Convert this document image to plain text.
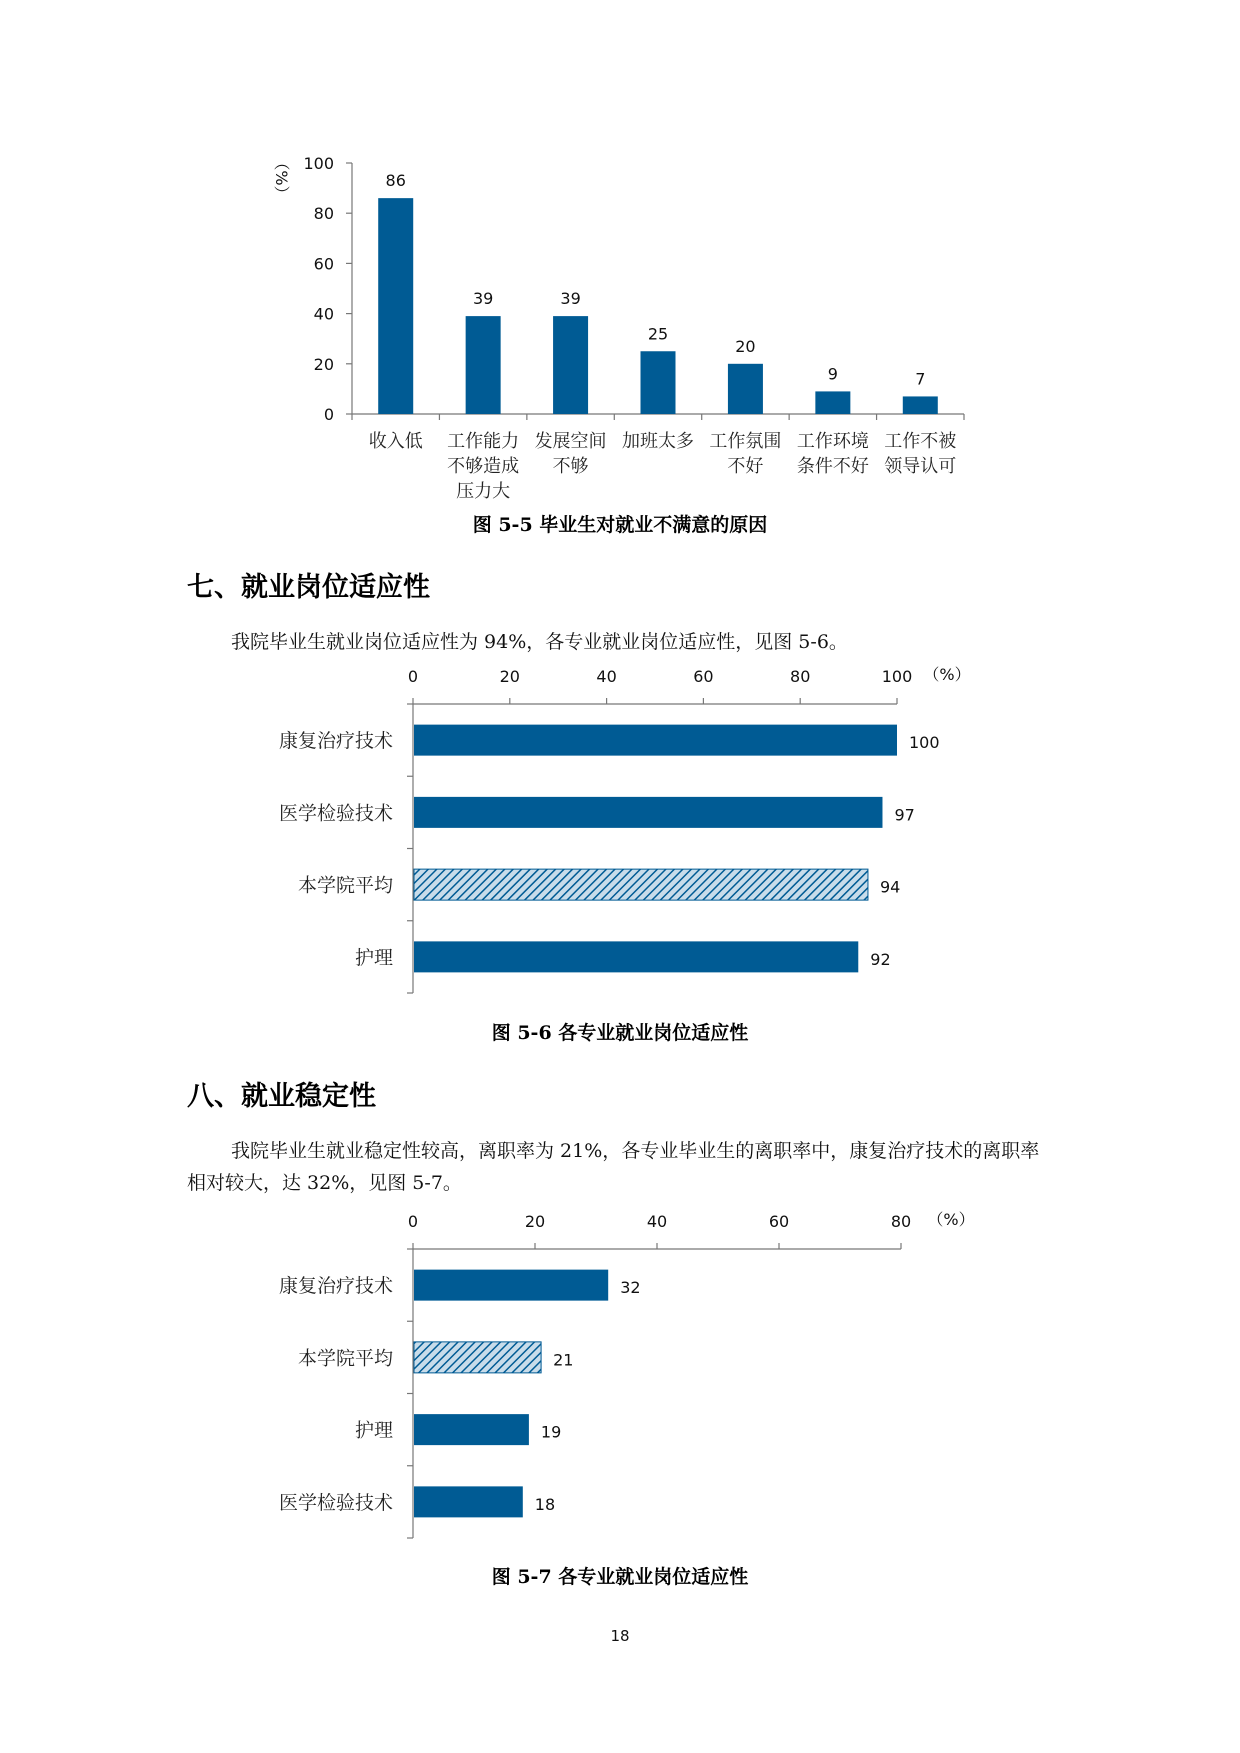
0
20
40
60
80
100
（%）	86
收入低
39
工作能力
不够造成
压力大
39
发展空间
不够
25
加班太多
20
工作氛围
不好
9
工作环境
条件不好
7
工作不被
领导认可
图 5-5 毕业生对就业不满意的原因
七、就业岗位适应性
我院毕业生就业岗位适应性为 94%，各专业就业岗位适应性，见图 5-6。
0	20	40	60	80	100 （%）
100
康复治疗技术
97
医学检验技术
94
本学院平均
92
护理
图 5-6 各专业就业岗位适应性
八、就业稳定性
我院毕业生就业稳定性较高，离职率为 21%，各专业毕业生的离职率中，康复治疗技术的离职率相对较大，达 32%，见图 5-7。
0	20	40	60	80 （%）
32
康复治疗技术
21
本学院平均
19
护理
18
医学检验技术
图 5-7 各专业就业岗位适应性
18
